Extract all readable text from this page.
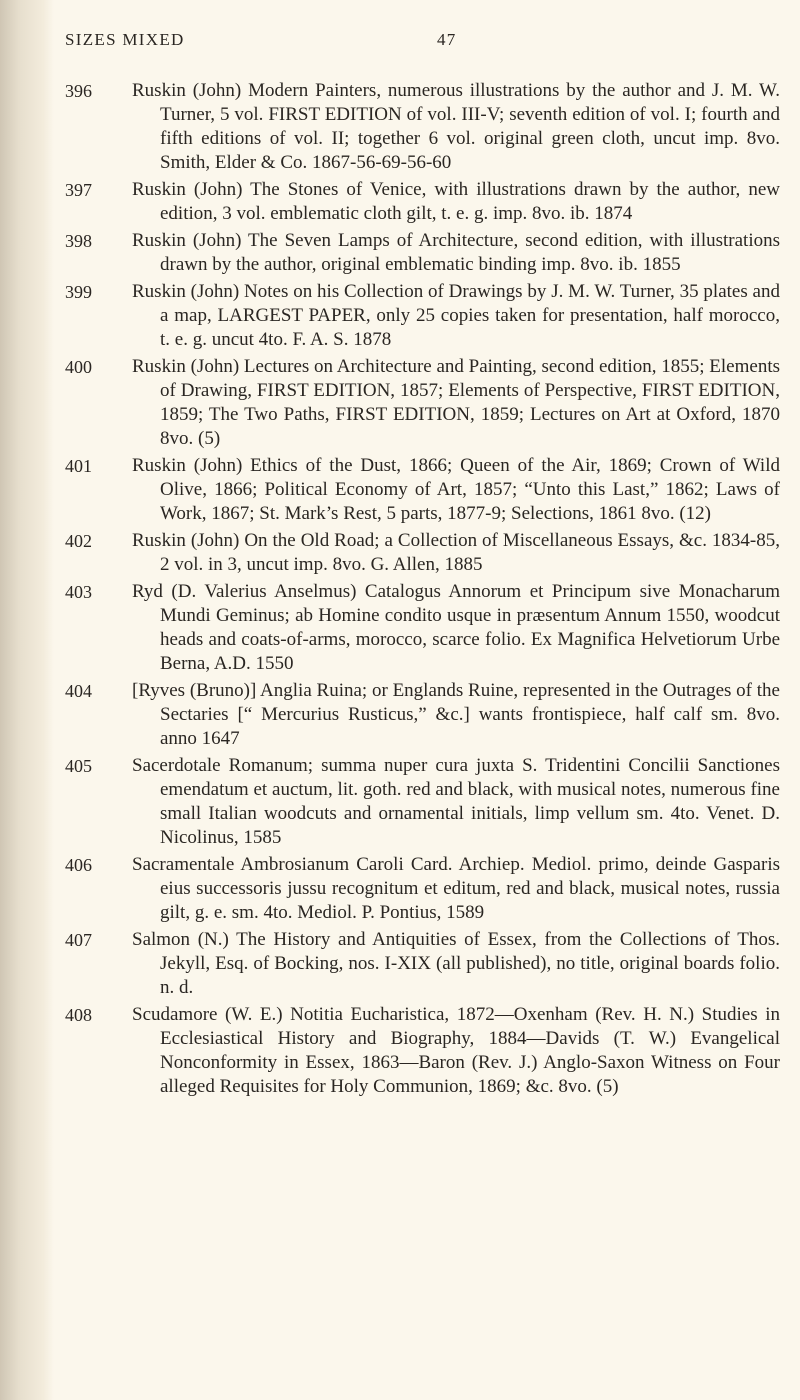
SIZES MIXED	47
396 Ruskin (John) Modern Painters, numerous illustrations by the author and J. M. W. Turner, 5 vol. FIRST EDITION of vol. III-V; seventh edition of vol. I; fourth and fifth editions of vol. II; together 6 vol. original green cloth, uncut imp. 8vo. Smith, Elder & Co. 1867-56-69-56-60
397 Ruskin (John) The Stones of Venice, with illustrations drawn by the author, new edition, 3 vol. emblematic cloth gilt, t. e. g. imp. 8vo. ib. 1874
398 Ruskin (John) The Seven Lamps of Architecture, second edition, with illustrations drawn by the author, original emblematic binding imp. 8vo. ib. 1855
399 Ruskin (John) Notes on his Collection of Drawings by J. M. W. Turner, 35 plates and a map, LARGEST PAPER, only 25 copies taken for presentation, half morocco, t. e. g. uncut 4to. F. A. S. 1878
400 Ruskin (John) Lectures on Architecture and Painting, second edition, 1855; Elements of Drawing, FIRST EDITION, 1857; Elements of Perspective, FIRST EDITION, 1859; The Two Paths, FIRST EDITION, 1859; Lectures on Art at Oxford, 1870 8vo. (5)
401 Ruskin (John) Ethics of the Dust, 1866; Queen of the Air, 1869; Crown of Wild Olive, 1866; Political Economy of Art, 1857; “Unto this Last,” 1862; Laws of Work, 1867; St. Mark’s Rest, 5 parts, 1877-9; Selections, 1861 8vo. (12)
402 Ruskin (John) On the Old Road; a Collection of Miscellaneous Essays, &c. 1834-85, 2 vol. in 3, uncut imp. 8vo. G. Allen, 1885
403 Ryd (D. Valerius Anselmus) Catalogus Annorum et Principum sive Monacharum Mundi Geminus; ab Homine condito usque in præsentum Annum 1550, woodcut heads and coats-of-arms, morocco, scarce folio. Ex Magnifica Helvetiorum Urbe Berna, A.D. 1550
404 [Ryves (Bruno)] Anglia Ruina; or Englands Ruine, represented in the Outrages of the Sectaries [“ Mercurius Rusticus,” &c.] wants frontispiece, half calf sm. 8vo. anno 1647
405 Sacerdotale Romanum; summa nuper cura juxta S. Tridentini Concilii Sanctiones emendatum et auctum, lit. goth. red and black, with musical notes, numerous fine small Italian woodcuts and ornamental initials, limp vellum sm. 4to. Venet. D. Nicolinus, 1585
406 Sacramentale Ambrosianum Caroli Card. Archiep. Mediol. primo, deinde Gasparis eius successoris jussu recognitum et editum, red and black, musical notes, russia gilt, g. e. sm. 4to. Mediol. P. Pontius, 1589
407 Salmon (N.) The History and Antiquities of Essex, from the Collections of Thos. Jekyll, Esq. of Bocking, nos. I-XIX (all published), no title, original boards folio. n. d.
408 Scudamore (W. E.) Notitia Eucharistica, 1872—Oxenham (Rev. H. N.) Studies in Ecclesiastical History and Biography, 1884—Davids (T. W.) Evangelical Nonconformity in Essex, 1863—Baron (Rev. J.) Anglo-Saxon Witness on Four alleged Requisites for Holy Communion, 1869; &c. 8vo. (5)
